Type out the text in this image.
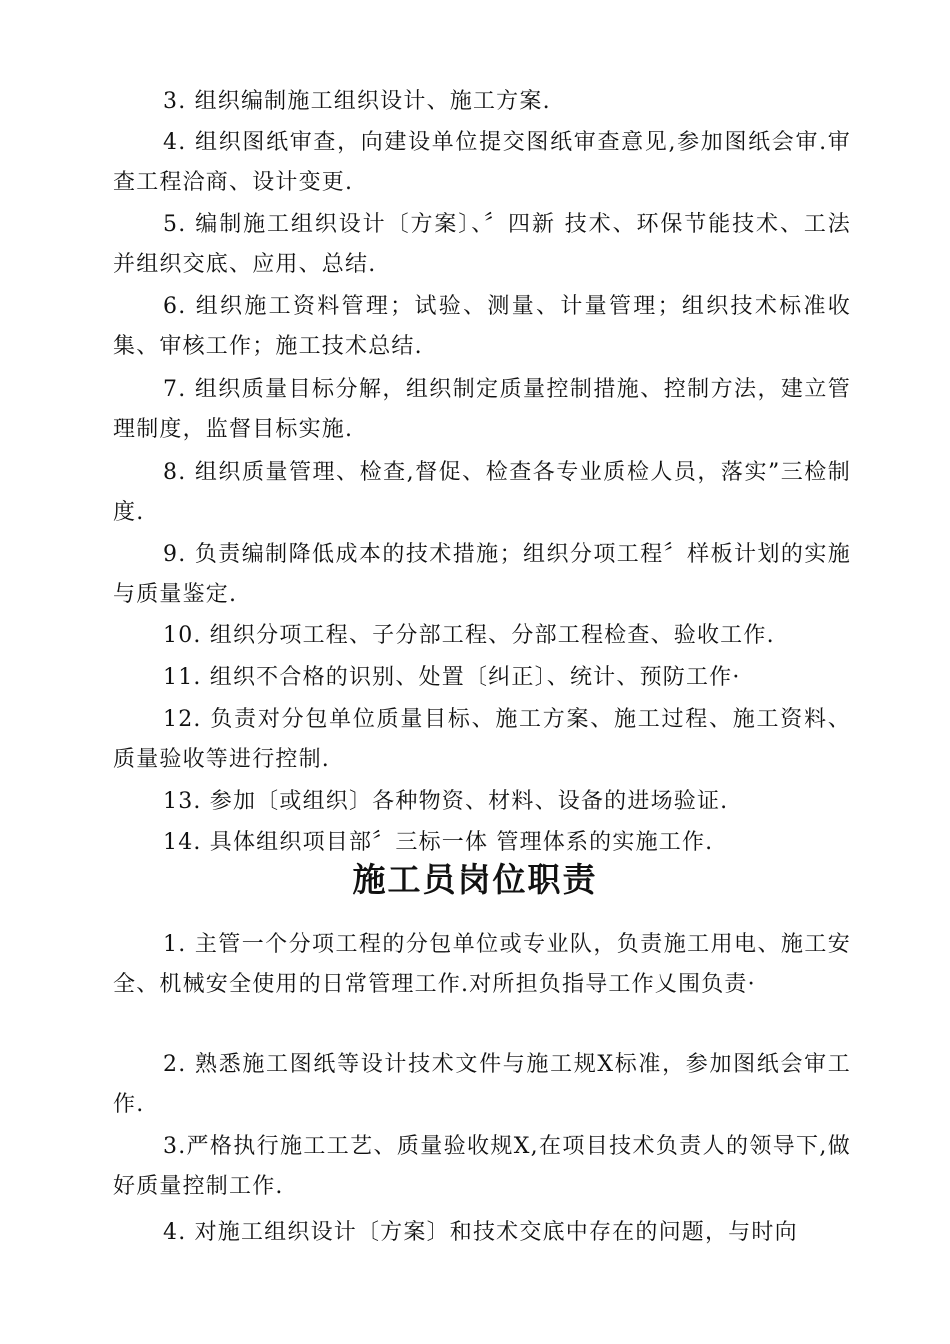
3. 组织编制施工组织设计、施工方案.

4. 组织图纸审查，向建设单位提交图纸审查意见,参加图纸会审.审查工程洽商、设计变更.

5. 编制施工组织设计〔方案〕、〞四新 技术、环保节能技术、工法并组织交底、应用、总结.

6. 组织施工资料管理；试验、测量、计量管理；组织技术标准收集、审核工作；施工技术总结.

7. 组织质量目标分解，组织制定质量控制措施、控制方法，建立管理制度，监督目标实施.

8. 组织质量管理、检查,督促、检查各专业质检人员，落实”三检制度.

9. 负责编制降低成本的技术措施；组织分项工程〞样板计划的实施与质量鉴定.

10. 组织分项工程、子分部工程、分部工程检查、验收工作.

11. 组织不合格的识别、处置〔纠正〕、统计、预防工作·

12. 负责对分包单位质量目标、施工方案、施工过程、施工资料、质量验收等进行控制.

13. 参加〔或组织〕各种物资、材料、设备的进场验证.

14. 具体组织项目部〞三标一体 管理体系的实施工作.

施工员岗位职责

1. 主管一个分项工程的分包单位或专业队，负责施工用电、施工安全、机械安全使用的日常管理工作.对所担负指导工作乂围负责·

2. 熟悉施工图纸等设计技术文件与施工规X标准，参加图纸会审工作.

3.严格执行施工工艺、质量验收规X,在项目技术负责人的领导下,做好质量控制工作.

4. 对施工组织设计〔方案〕和技术交底中存在的问题，与时向
